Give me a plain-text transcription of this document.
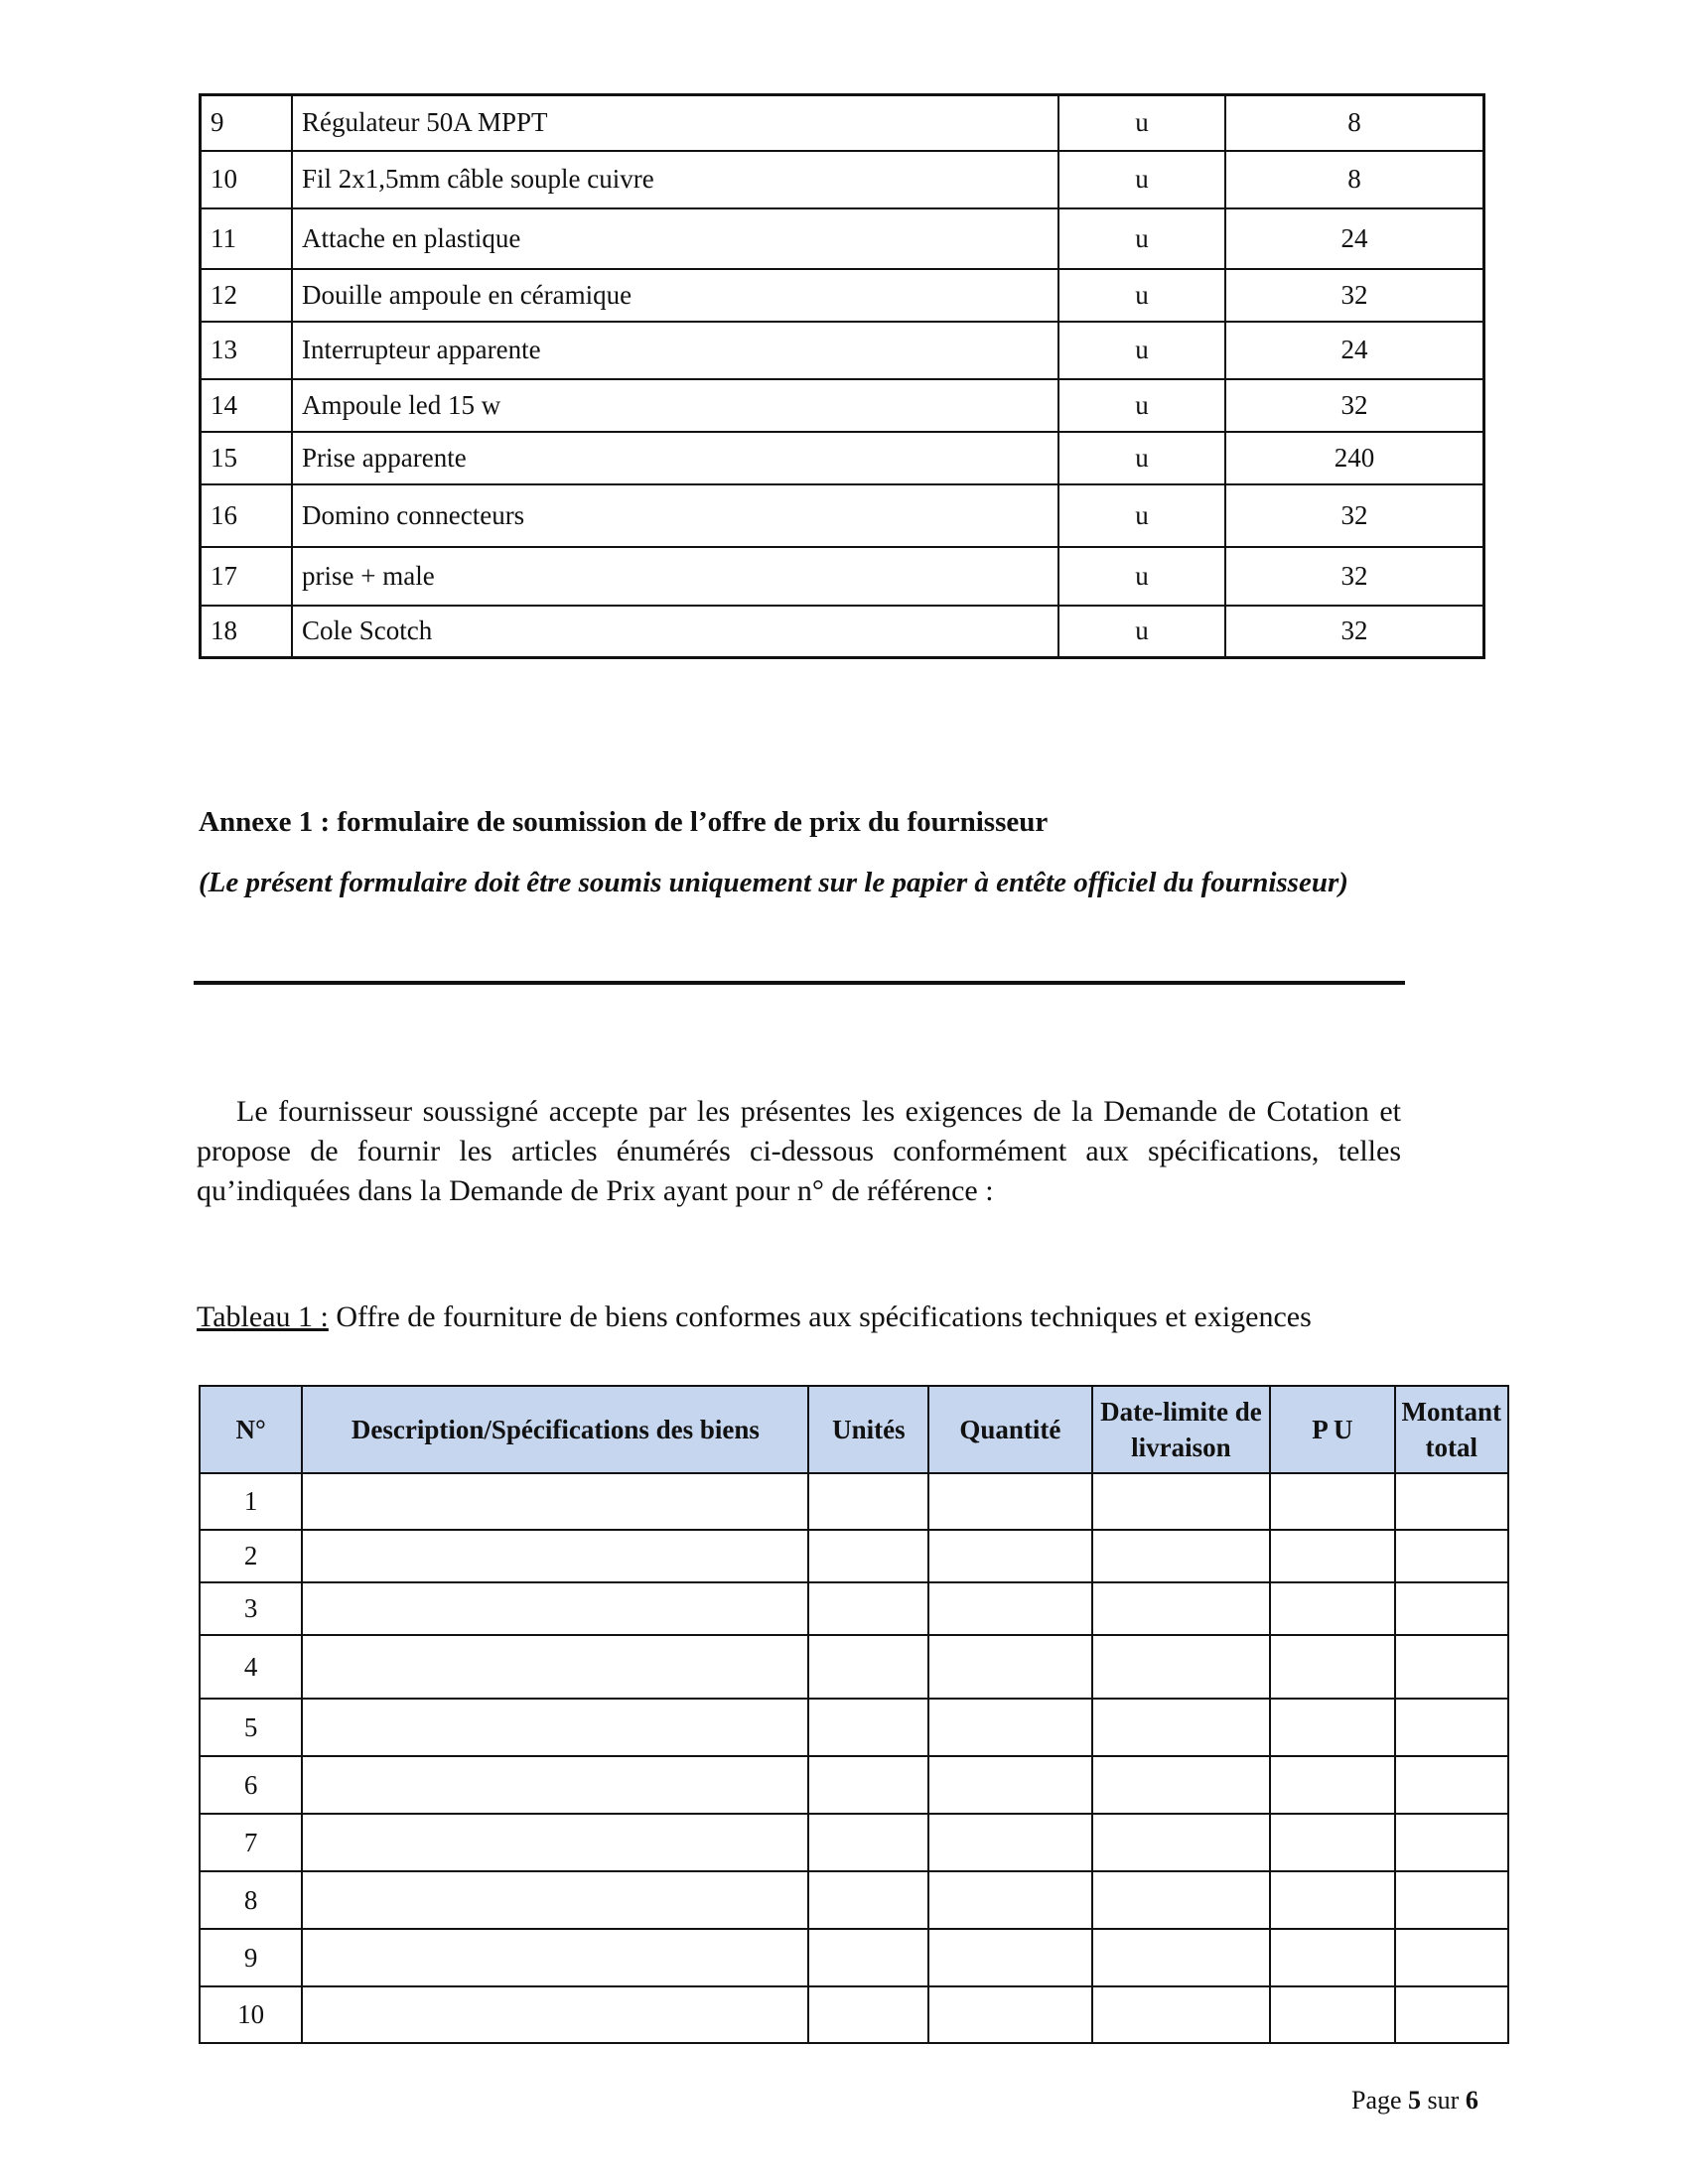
9	Régulateur 50A MPPT	u	8
10	Fil 2x1,5mm câble souple cuivre	u	8
11	Attache en plastique	u	24
12	Douille ampoule en céramique	u	32
13	Interrupteur apparente	u	24
14	Ampoule led 15 w	u	32
15	Prise apparente	u	240
16	Domino connecteurs	u	32
17	prise + male	u	32
18	Cole Scotch	u	32
Annexe 1 : formulaire de soumission de l’offre de prix du fournisseur
(Le présent formulaire doit être soumis uniquement sur le papier à entête officiel du fournisseur)
Le fournisseur soussigné accepte par les présentes les exigences de la Demande de Cotation et propose de fournir les articles énumérés ci-dessous conformément aux spécifications, telles qu’indiquées dans la Demande de Prix ayant pour n° de référence :
Tableau 1 : Offre de fourniture de biens conformes aux spécifications techniques et exigences
N°	Description/Spécifications des biens	Unités	Quantité	Date-limite de livraison	P U	Montant total
1						
2						
3						
4						
5						
6						
7						
8						
9						
10						
Page 5 sur 6
